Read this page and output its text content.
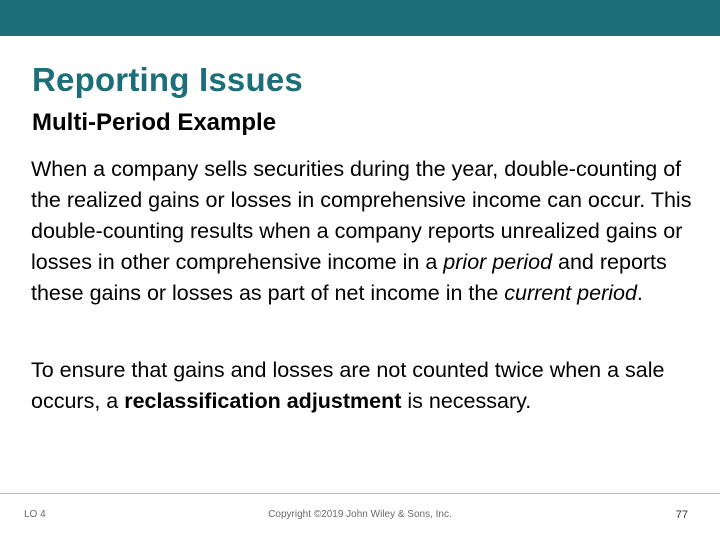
Reporting Issues
Multi-Period Example

When a company sells securities during the year, double-counting of the realized gains or losses in comprehensive income can occur. This double-counting results when a company reports unrealized gains or losses in other comprehensive income in a prior period and reports these gains or losses as part of net income in the current period.

To ensure that gains and losses are not counted twice when a sale occurs, a reclassification adjustment is necessary.

LO 4	Copyright ©2019 John Wiley & Sons, Inc.	77
